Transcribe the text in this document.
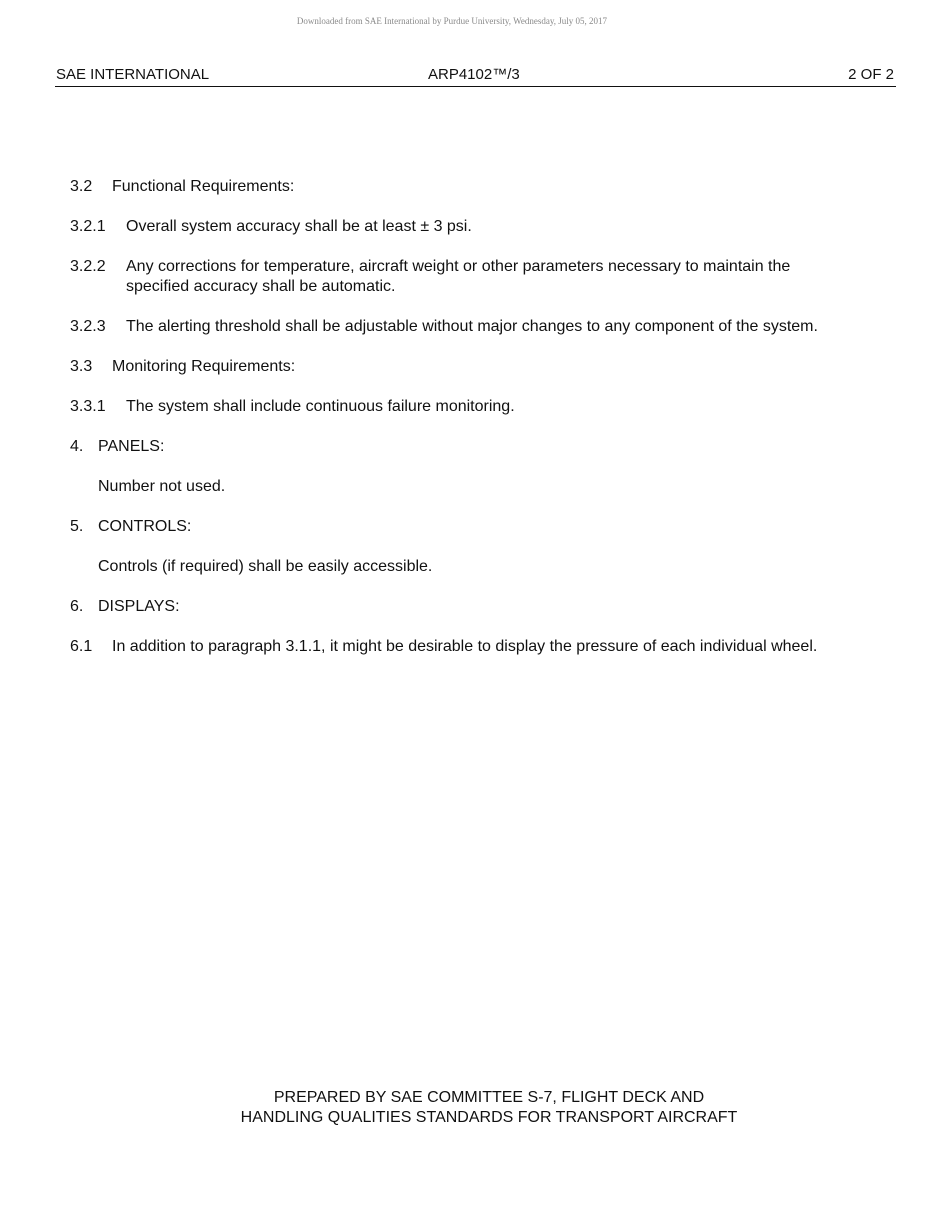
Downloaded from SAE International by Purdue University, Wednesday, July 05, 2017
SAE INTERNATIONAL	ARP4102™/3	2 OF 2
3.2	Functional Requirements:
3.2.1	Overall system accuracy shall be at least ± 3 psi.
3.2.2	Any corrections for temperature, aircraft weight or other parameters necessary to maintain the specified accuracy shall be automatic.
3.2.3	The alerting threshold shall be adjustable without major changes to any component of the system.
3.3	Monitoring Requirements:
3.3.1	The system shall include continuous failure monitoring.
4. PANELS:
Number not used.
5. CONTROLS:
Controls (if required) shall be easily accessible.
6. DISPLAYS:
6.1	In addition to paragraph 3.1.1, it might be desirable to display the pressure of each individual wheel.
PREPARED BY SAE COMMITTEE S-7, FLIGHT DECK AND
HANDLING QUALITIES STANDARDS FOR TRANSPORT AIRCRAFT
